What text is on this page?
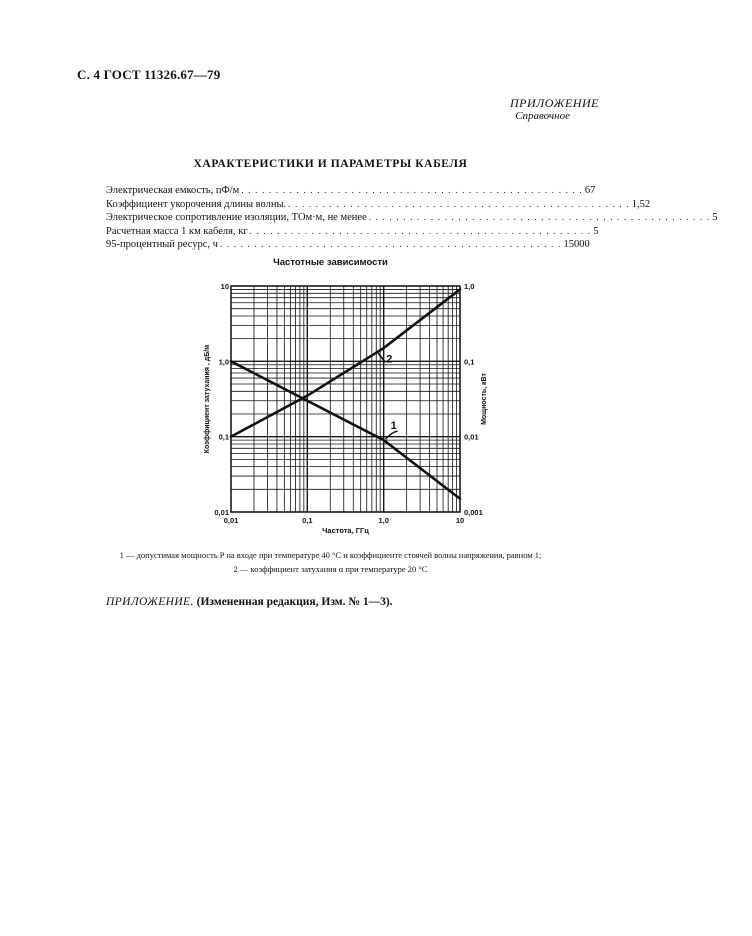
С. 4 ГОСТ 11326.67—79
ПРИЛОЖЕНИЕ
Справочное
ХАРАКТЕРИСТИКИ И ПАРАМЕТРЫ КАБЕЛЯ
Электрическая емкость, пФ/м . . . . . . . . . . . . . . . . . . . . . . . . . . . . . . . . . . . . . . . . . . . . . . . . . . 67
Коэффициент укорочения длины волны. . . . . . . . . . . . . . . . . . . . . . . . . . . . . . . . . . . . . . . . . . . . . . . . . . . 1,52
Электрическое сопротивление изоляции, ТОм·м, не менее . . . . . . . . . . . . . . . . . . . . . . . . . . . . . . . . . . . . . . . . . . . . . . . . . . 5
Расчетная масса 1 км кабеля, кг . . . . . . . . . . . . . . . . . . . . . . . . . . . . . . . . . . . . . . . . . . . . . . . . . . 5
95-процентный ресурс, ч . . . . . . . . . . . . . . . . . . . . . . . . . . . . . . . . . . . . . . . . . . . . . . . . . . 15000
Частотные зависимости
1
2
0,01	0,1	1,0	10
0,01
0,1
1,0
10
0,001
0,01
0,1
1,0
Коэффициент затухания , дБ/м	Мощность, кВт
Частота, ГГц
1 — допустимая мощность P на входе при температуре 40 °С и коэффициенте стоячей волны напряжения, равном 1;
2 — коэффициент затухания α при температуре 20 °С
ПРИЛОЖЕНИЕ. (Измененная редакция, Изм. № 1—3).
